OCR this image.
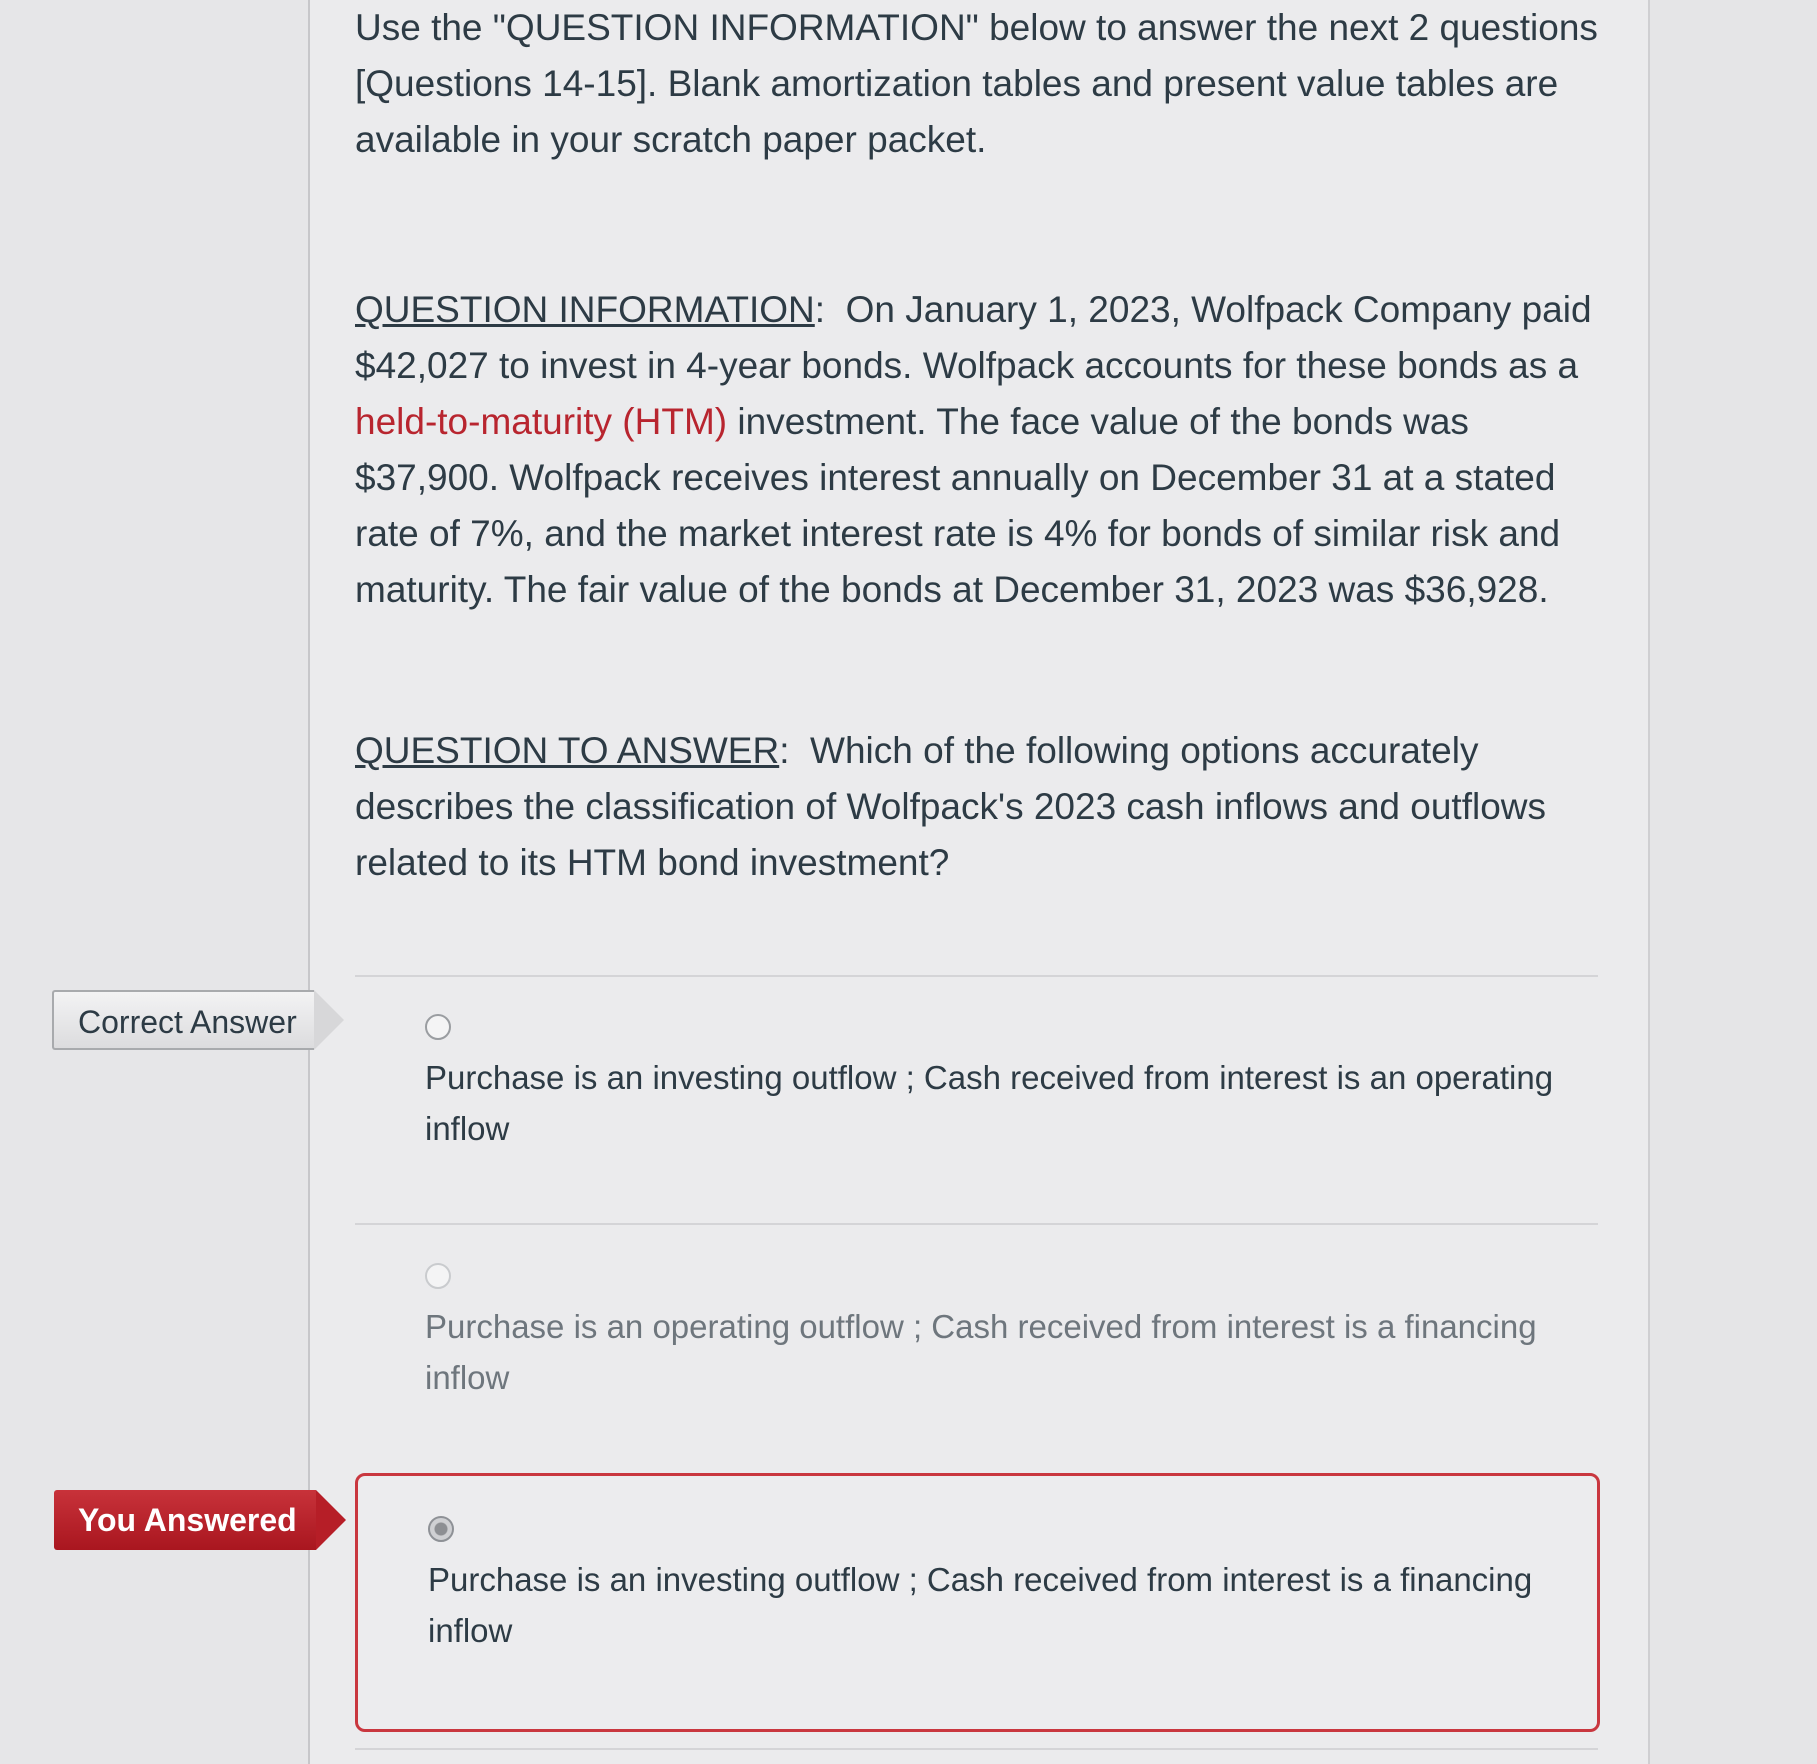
Use the "QUESTION INFORMATION" below to answer the next 2 questions [Questions 14-15]. Blank amortization tables and present value tables are available in your scratch paper packet.
QUESTION INFORMATION:  On January 1, 2023, Wolfpack Company paid $42,027 to invest in 4-year bonds. Wolfpack accounts for these bonds as a held-to-maturity (HTM) investment. The face value of the bonds was $37,900. Wolfpack receives interest annually on December 31 at a stated rate of 7%, and the market interest rate is 4% for bonds of similar risk and maturity. The fair value of the bonds at December 31, 2023 was $36,928.
QUESTION TO ANSWER:  Which of the following options accurately describes the classification of Wolfpack's 2023 cash inflows and outflows related to its HTM bond investment?
Correct Answer
Purchase is an investing outflow ; Cash received from interest is an operating inflow
Purchase is an operating outflow ; Cash received from interest is a financing inflow
You Answered
Purchase is an investing outflow ; Cash received from interest is a financing inflow
